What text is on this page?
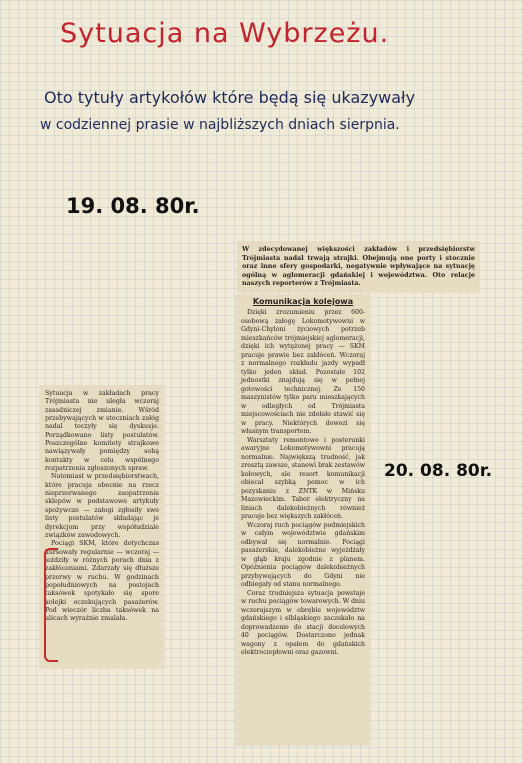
Sytuacja na Wybrzeżu.
Oto tytuły artykołów które będą się ukazywały
w codziennej prasie w najbliższych dniach sierpnia.
19. 08. 80r.
20. 08. 80r.

W zdecydowanej większości zakładów i przedsiębiorstw Trójmiasta nadal trwają strajki. Obejmują one porty i stocznie oraz inne sfery gospodarki, negatywnie wpływające na sytuację ogólną w aglomeracji gdańskiej i województwa. Oto relacje naszych reporterów z Trójmiasta.

Sytuacja w zakładach pracy Trójmiasta nie uległa wczoraj zasadniczej zmianie. Wśród przebywających w stoczniach załóg nadal toczyły się dyskusje. Porządkowano listy postulatów. Poszczególne komitety strajkowe nawiązywały pomiędzy sobą kontakty w celu wspólnego rozpatrzenia zgłoszonych spraw.

Natomiast w przedsiębiorstwach, które pracuja obecnie na rzecz nieprzerwanego zaopatrzenia sklepów w podstawowe artykuły spożywcze — załogi zgłosiły swe listy postulatów składając je dyrekcjom przy współudziale związków zawodowych.

Pociągi SKM, które dotychczas kursowały regularnie — wczoraj — jeździły w różnych porach dnia z zakłóceniami. Zdarzały się dłuższe przerwy w ruchu. W godzinach popołudniowych na postojach taksówek spotykało się spore kolejki oczekujących pasażerów. Pod wieczór liczba taksówek na ulicach wyraźnie zmalała.

Komunikacja kolejowa

Dzięki zrozumieniu przez 600-osobową załogę Lokomotywowni w Gdyni-Chyloni życiowych potrzeb mieszkańców trójmiejskiej aglomeracji, dzięki ich wytężonej pracy — SKM pracuje prawie bez zakłóceń. Wczoraj z normalnego rozkładu jazdy wypadł tylko jeden skład. Pozostałe 102 jednostki znajdują się w pełnej gotowości technicznej. Ze 150 maszynistów tylko paru mieszkających w odległych od Trójmiasta miejscowościach nie zdołało stawić się w pracy. Niektórych dowozi się własnym transportem.

Warsztaty remontowe i posterunki awaryjne Lokomotywowni pracują normalnie. Największą trudność, jak zresztą zawsze, stanowi brak zestawów kołowych, ale resort komunikacji obiecał szybką pomoc w ich pozyskaniu z ZNTK w Mińsku Mazowieckim. Tabor elektryczny na liniach dalekobieżnych również pracuje bez większych zakłóceń.

Wczoraj ruch pociągów podmiejskich w całym województwie gdańskim odbywał się normalnie. Pociągi pasażerskie, dalekobieżne wyjeżdżały w głąb kraju zgodnie z planem. Opóźnienia pociągów dalekobieżnych przybywających do Gdyni nie odbiegały od stanu normalnego.

Coraz trudniejsza sytuacja powstaje w ruchu pociągów towarowych. W dniu wczorajszym w obrębie województw gdańskiego i elbląskiego zaczekało na doprowadzenie do stacji docelowych 40 pociągów. Dostarczono jednak wagony z opałem do gdańskich elektrociepłowni oraz gazowni.
